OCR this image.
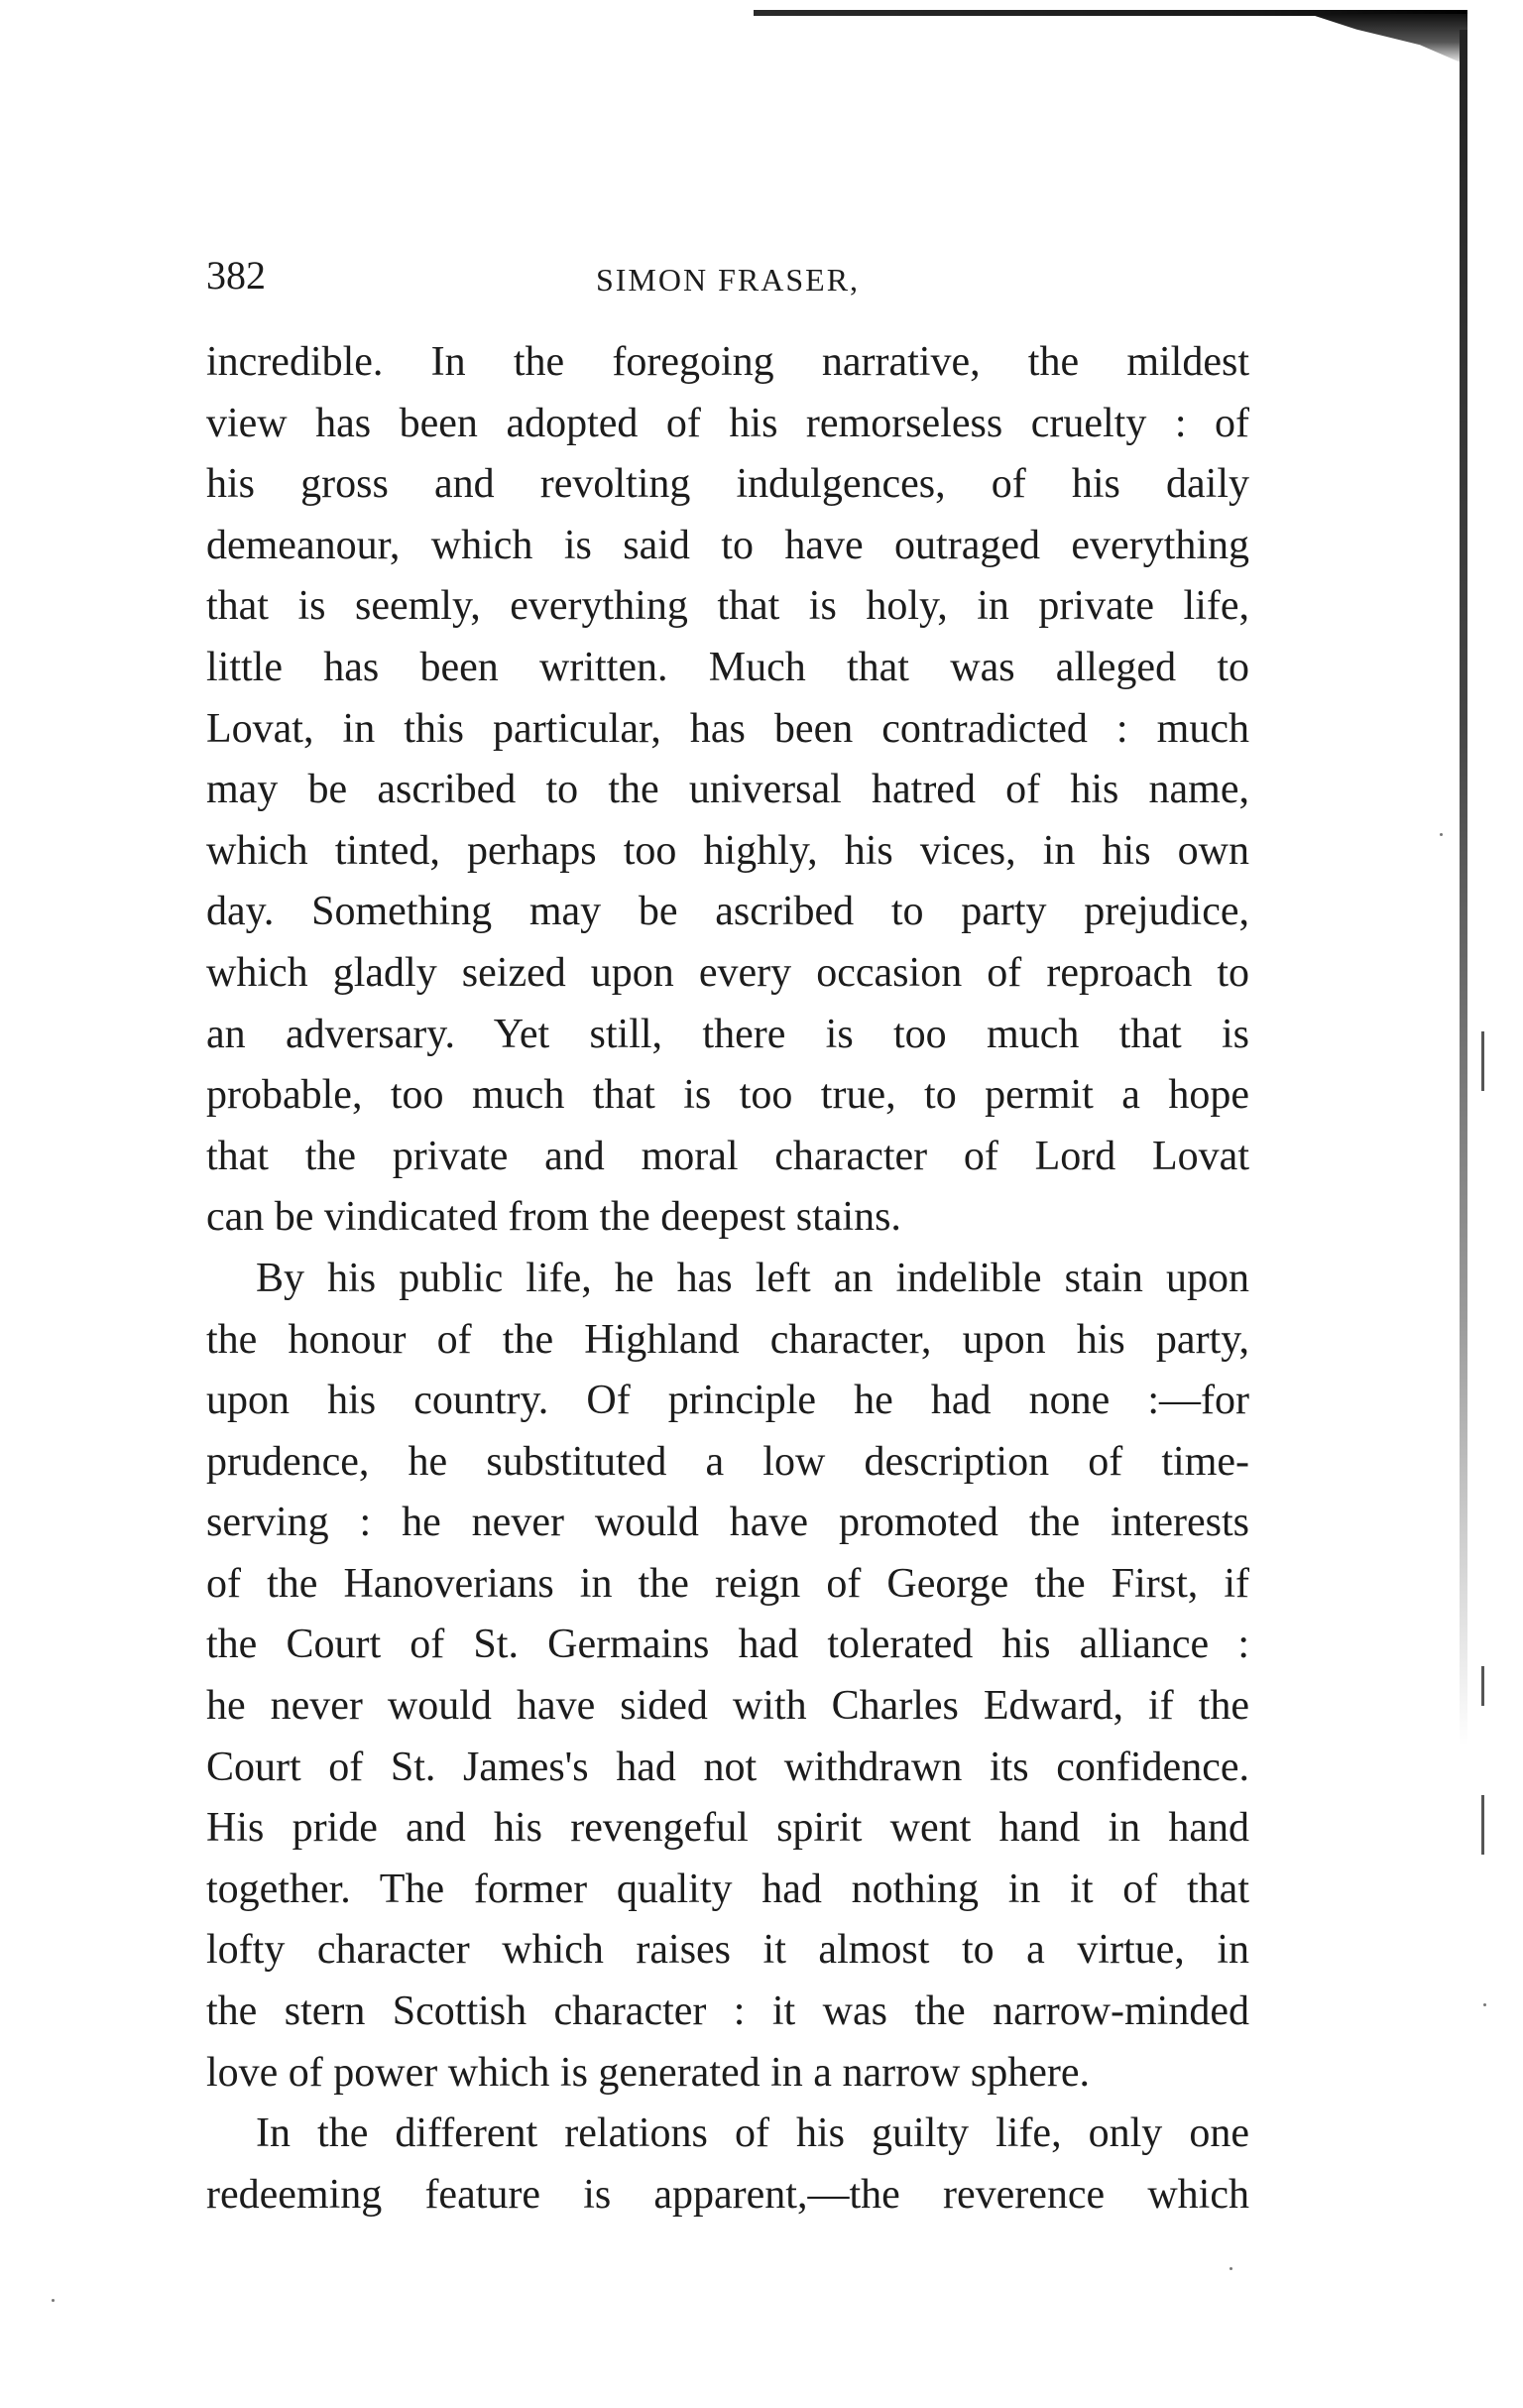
382	SIMON FRASER,
incredible. In the foregoing narrative, the mildest
view has been adopted of his remorseless cruelty : of
his gross and revolting indulgences, of his daily
demeanour, which is said to have outraged everything
that is seemly, everything that is holy, in private life,
little has been written. Much that was alleged to
Lovat, in this particular, has been contradicted : much
may be ascribed to the universal hatred of his name,
which tinted, perhaps too highly, his vices, in his own
day. Something may be ascribed to party prejudice,
which gladly seized upon every occasion of reproach to
an adversary. Yet still, there is too much that is
probable, too much that is too true, to permit a hope
that the private and moral character of Lord Lovat
can be vindicated from the deepest stains.
By his public life, he has left an indelible stain upon
the honour of the Highland character, upon his party,
upon his country. Of principle he had none :—for
prudence, he substituted a low description of time-
serving : he never would have promoted the interests
of the Hanoverians in the reign of George the First, if
the Court of St. Germains had tolerated his alliance :
he never would have sided with Charles Edward, if the
Court of St. James's had not withdrawn its confidence.
His pride and his revengeful spirit went hand in hand
together. The former quality had nothing in it of that
lofty character which raises it almost to a virtue, in
the stern Scottish character : it was the narrow-minded
love of power which is generated in a narrow sphere.
In the different relations of his guilty life, only one
redeeming feature is apparent,—the reverence which
